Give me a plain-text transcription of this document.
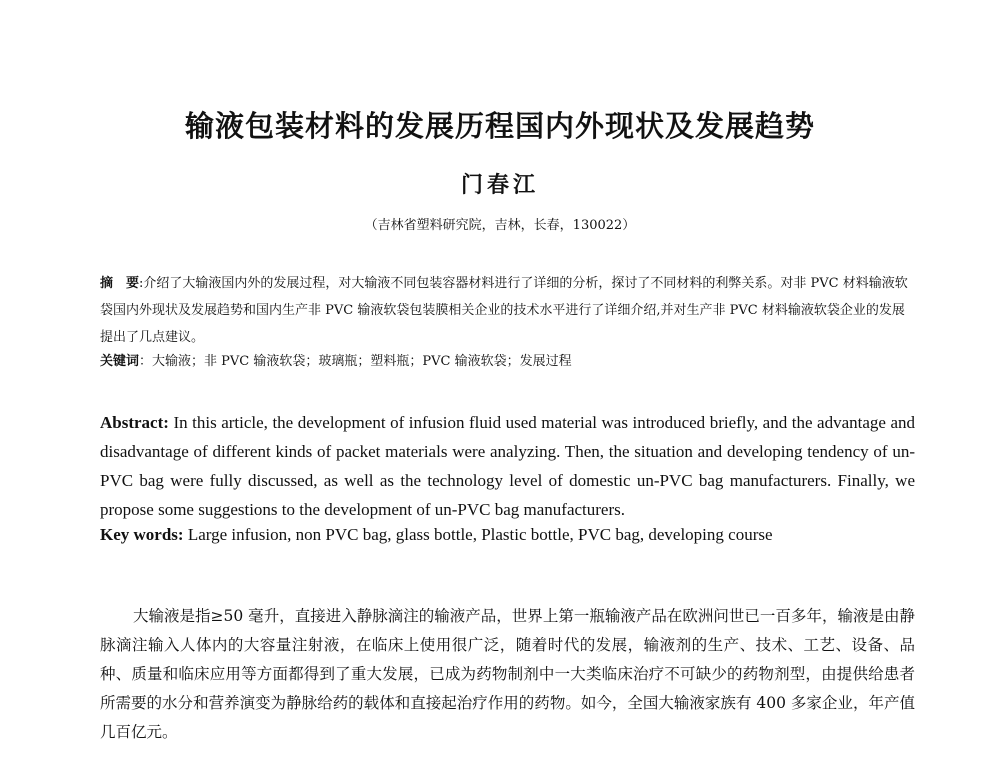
输液包装材料的发展历程国内外现状及发展趋势
门春江
（吉林省塑料研究院，吉林，长春，130022）
摘　要:介绍了大输液国内外的发展过程，对大输液不同包装容器材料进行了详细的分析，探讨了不同材料的利弊关系。对非 PVC 材料输液软袋国内外现状及发展趋势和国内生产非 PVC 输液软袋包装膜相关企业的技术水平进行了详细介绍,并对生产非 PVC 材料输液软袋企业的发展提出了几点建议。
关键词：大输液；非 PVC 输液软袋；玻璃瓶；塑料瓶；PVC 输液软袋；发展过程
Abstract: In this article, the development of infusion fluid used material was introduced briefly, and the advantage and disadvantage of different kinds of packet materials were analyzing. Then, the situation and developing tendency of un-PVC bag were fully discussed, as well as the technology level of domestic un-PVC bag manufacturers. Finally, we propose some suggestions to the development of un-PVC bag manufacturers.
Key words: Large infusion, non PVC bag, glass bottle, Plastic bottle, PVC bag, developing course
大输液是指≥50 毫升，直接进入静脉滴注的输液产品，世界上第一瓶输液产品在欧洲问世已一百多年，输液是由静脉滴注输入人体内的大容量注射液，在临床上使用很广泛，随着时代的发展，输液剂的生产、技术、工艺、设备、品种、质量和临床应用等方面都得到了重大发展，已成为药物制剂中一大类临床治疗不可缺少的药物剂型，由提供给患者所需要的水分和营养演变为静脉给药的载体和直接起治疗作用的药物。如今，全国大输液家族有 400 多家企业，年产值几百亿元。
